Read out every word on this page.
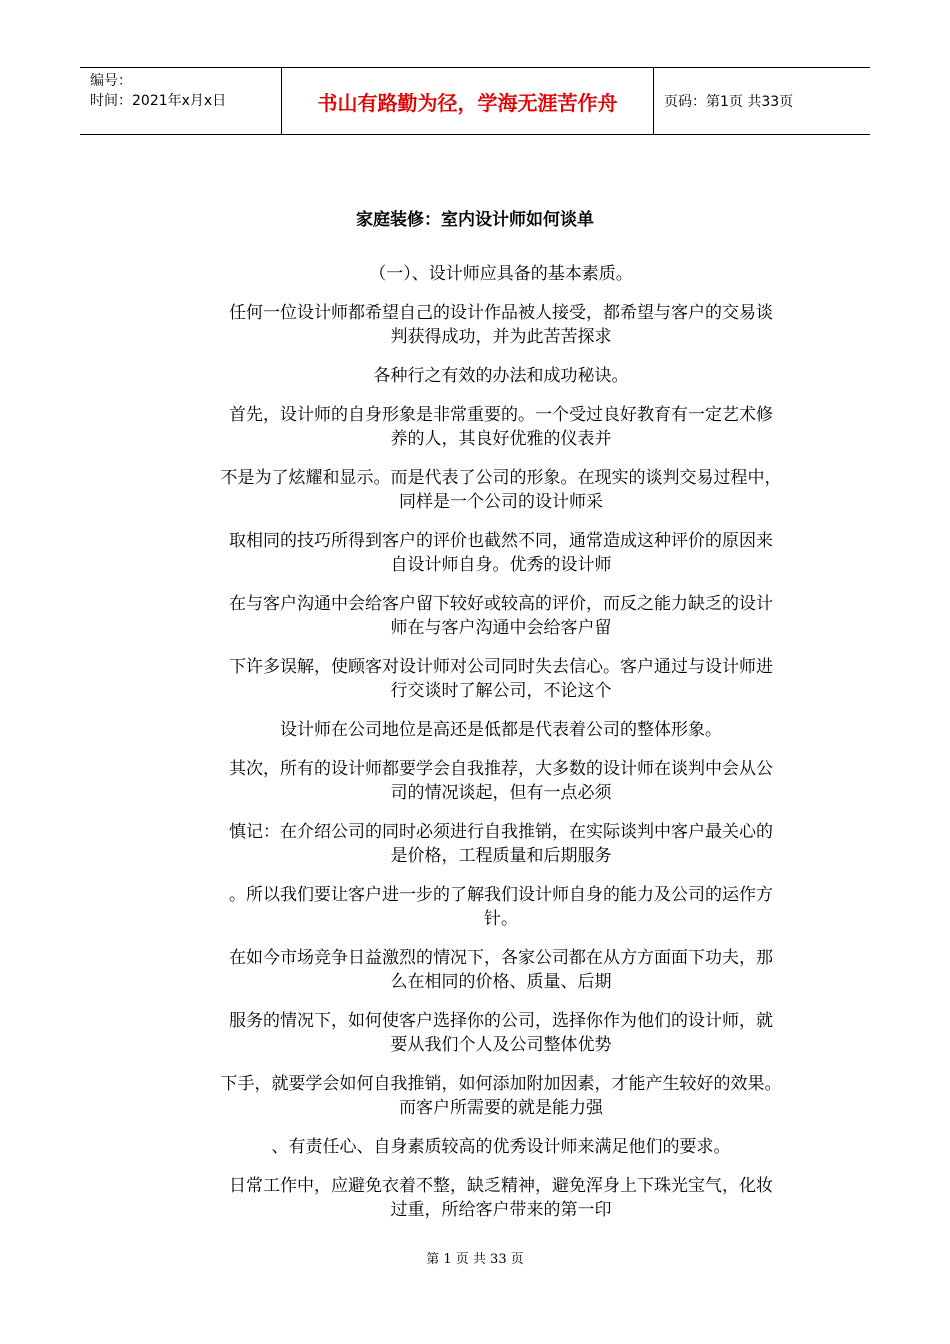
编号：
时间：2021年x月x日	书山有路勤为径，学海无涯苦作舟	页码：第1页 共33页
家庭装修：室内设计师如何谈单
（一）、设计师应具备的基本素质。
任何一位设计师都希望自己的设计作品被人接受，都希望与客户的交易谈
判获得成功，并为此苦苦探求
各种行之有效的办法和成功秘诀。
首先，设计师的自身形象是非常重要的。一个受过良好教育有一定艺术修
养的人，其良好优雅的仪表并
不是为了炫耀和显示。而是代表了公司的形象。在现实的谈判交易过程中，
同样是一个公司的设计师采
取相同的技巧所得到客户的评价也截然不同，通常造成这种评价的原因来
自设计师自身。优秀的设计师
在与客户沟通中会给客户留下较好或较高的评价，而反之能力缺乏的设计
师在与客户沟通中会给客户留
下许多误解，使顾客对设计师对公司同时失去信心。客户通过与设计师进
行交谈时了解公司，不论这个
设计师在公司地位是高还是低都是代表着公司的整体形象。
其次，所有的设计师都要学会自我推荐，大多数的设计师在谈判中会从公
司的情况谈起，但有一点必须
慎记：在介绍公司的同时必须进行自我推销，在实际谈判中客户最关心的
是价格，工程质量和后期服务
。所以我们要让客户进一步的了解我们设计师自身的能力及公司的运作方
针。
在如今市场竞争日益激烈的情况下，各家公司都在从方方面面下功夫，那
么在相同的价格、质量、后期
服务的情况下，如何使客户选择你的公司，选择你作为他们的设计师，就
要从我们个人及公司整体优势
下手，就要学会如何自我推销，如何添加附加因素，才能产生较好的效果。
而客户所需要的就是能力强
、有责任心、自身素质较高的优秀设计师来满足他们的要求。
日常工作中，应避免衣着不整，缺乏精神，避免浑身上下珠光宝气，化妆
过重，所给客户带来的第一印
第 1 页 共 33 页
